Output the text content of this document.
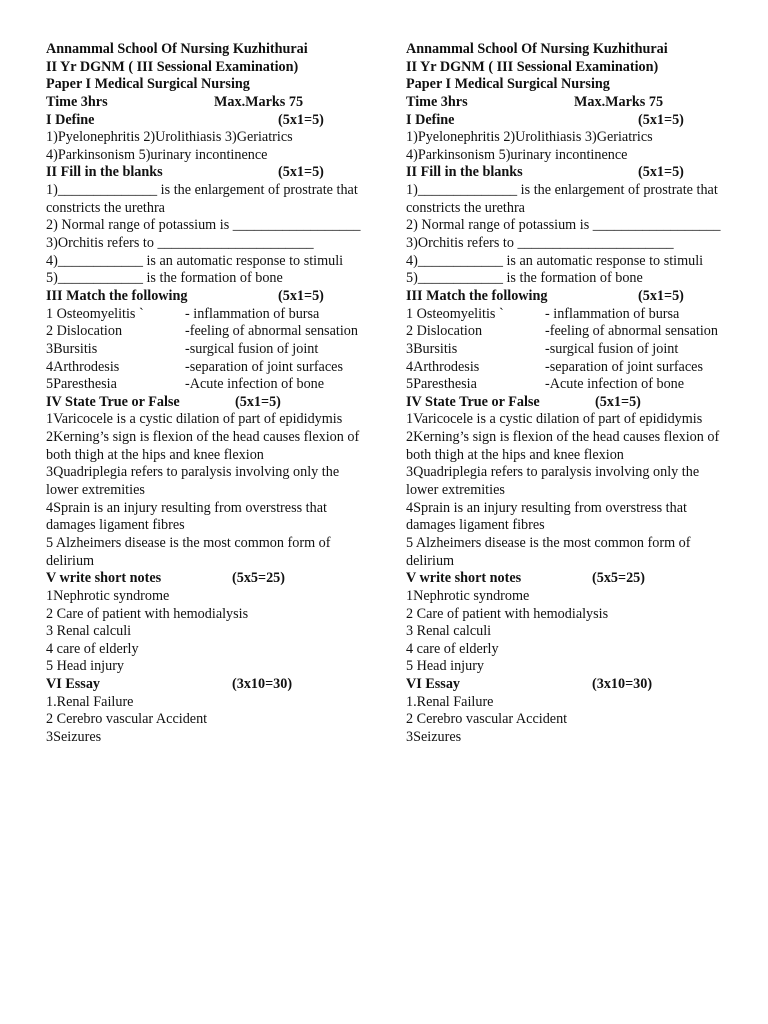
Annammal School Of Nursing Kuzhithurai
II Yr DGNM ( III Sessional Examination)
Paper I Medical Surgical Nursing
Time 3hrs	Max.Marks 75
I Define	(5x1=5)
1)Pyelonephritis 2)Urolithiasis 3)Geriatrics
4)Parkinsonism 5)urinary incontinence
II Fill in the blanks	(5x1=5)
1)______________ is the enlargement of prostrate that
constricts the urethra
2) Normal range of potassium is __________________
3)Orchitis refers to ______________________
4)____________ is an automatic response to stimuli
5)____________ is the formation of bone
III Match the following	(5x1=5)
1 Osteomyelitis `	- inflammation of bursa
2 Dislocation	-feeling of abnormal sensation
3Bursitis	-surgical fusion of joint
4Arthrodesis	-separation of joint surfaces
5Paresthesia	-Acute infection of bone
IV State True or False	(5x1=5)
1Varicocele is a cystic dilation of part of epididymis
2Kerning’s sign is flexion of the head causes flexion of
both thigh at the hips and knee flexion
3Quadriplegia refers to paralysis involving only the
lower extremities
4Sprain is an injury resulting from overstress that
damages ligament fibres
5 Alzheimers disease is the most common form of
delirium
V write short notes	(5x5=25)
1Nephrotic syndrome
2 Care of patient with hemodialysis
3 Renal calculi
4 care of elderly
5 Head injury
VI Essay	(3x10=30)
1.Renal Failure
2 Cerebro vascular Accident
3Seizures
Annammal School Of Nursing Kuzhithurai
II Yr DGNM ( III Sessional Examination)
Paper I Medical Surgical Nursing
Time 3hrs	Max.Marks 75
I Define	(5x1=5)
1)Pyelonephritis 2)Urolithiasis 3)Geriatrics
4)Parkinsonism 5)urinary incontinence
II Fill in the blanks	(5x1=5)
1)______________ is the enlargement of prostrate that
constricts the urethra
2) Normal range of potassium is __________________
3)Orchitis refers to ______________________
4)____________ is an automatic response to stimuli
5)____________ is the formation of bone
III Match the following	(5x1=5)
1 Osteomyelitis `	- inflammation of bursa
2 Dislocation	-feeling of abnormal sensation
3Bursitis	-surgical fusion of joint
4Arthrodesis	-separation of joint surfaces
5Paresthesia	-Acute infection of bone
IV State True or False	(5x1=5)
1Varicocele is a cystic dilation of part of epididymis
2Kerning’s sign is flexion of the head causes flexion of
both thigh at the hips and knee flexion
3Quadriplegia refers to paralysis involving only the
lower extremities
4Sprain is an injury resulting from overstress that
damages ligament fibres
5 Alzheimers disease is the most common form of
delirium
V write short notes	(5x5=25)
1Nephrotic syndrome
2 Care of patient with hemodialysis
3 Renal calculi
4 care of elderly
5 Head injury
VI Essay	(3x10=30)
1.Renal Failure
2 Cerebro vascular Accident
3Seizures
